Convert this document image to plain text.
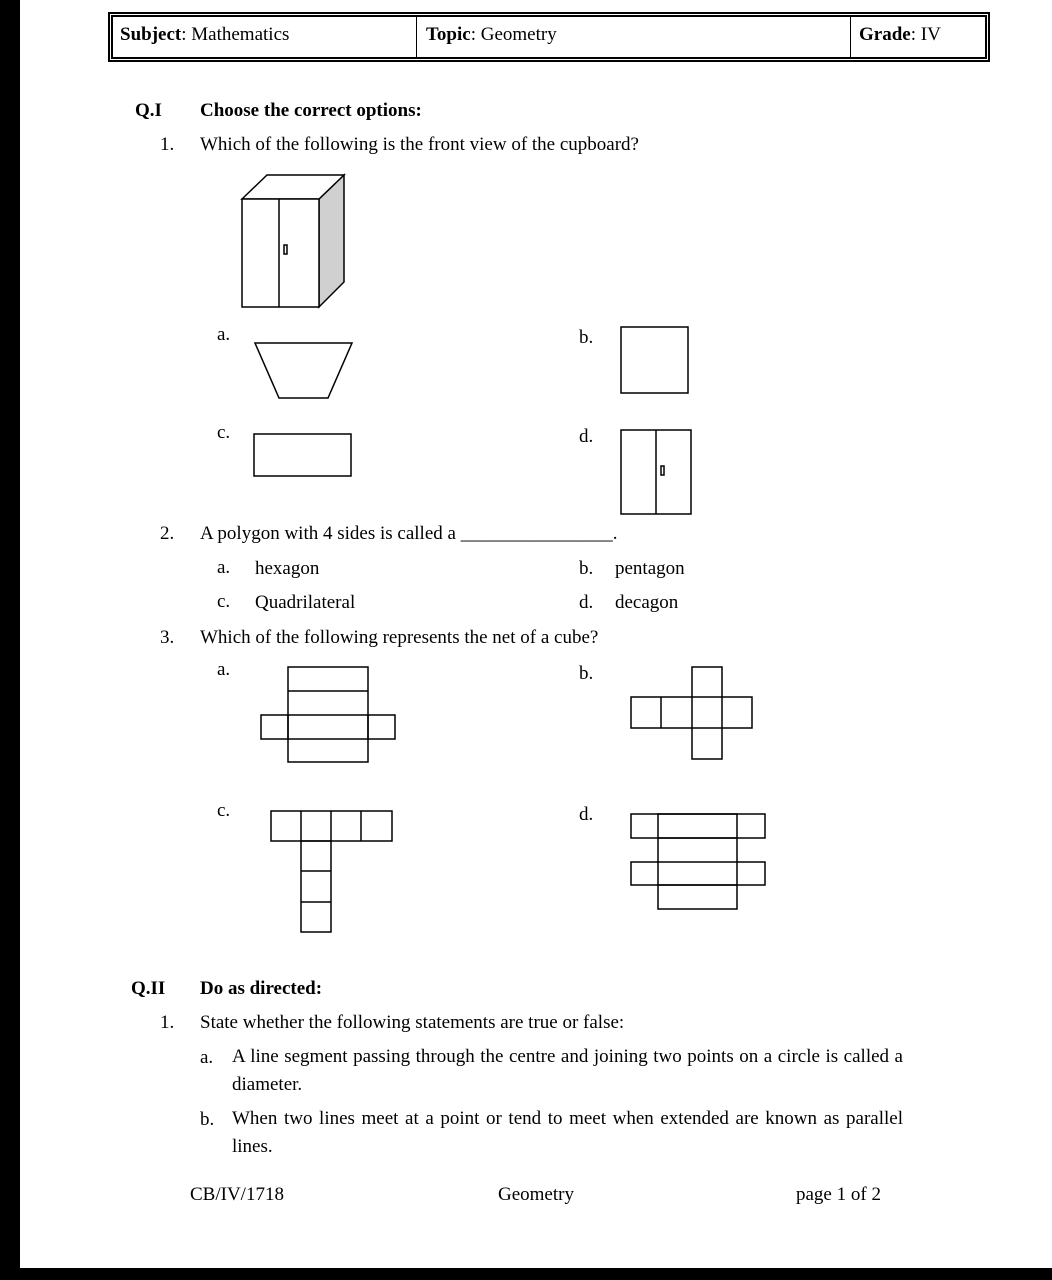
Subject: Mathematics	Topic: Geometry	Grade: IV
Q.I Choose the correct options:
1. Which of the following is the front view of the cupboard?
a.	b.
c.	d.
2. A polygon with 4 sides is called a ________________.
a. hexagon	b. pentagon
c. Quadrilateral	d. decagon
3. Which of the following represents the net of a cube?
a.	b.
c.	d.
Q.II Do as directed:
1. State whether the following statements are true or false:
a. A line segment passing through the centre and joining two points on a circle is called a diameter.
b. When two lines meet at a point or tend to meet when extended are known as parallel lines.
CB/IV/1718	Geometry	page 1 of 2
